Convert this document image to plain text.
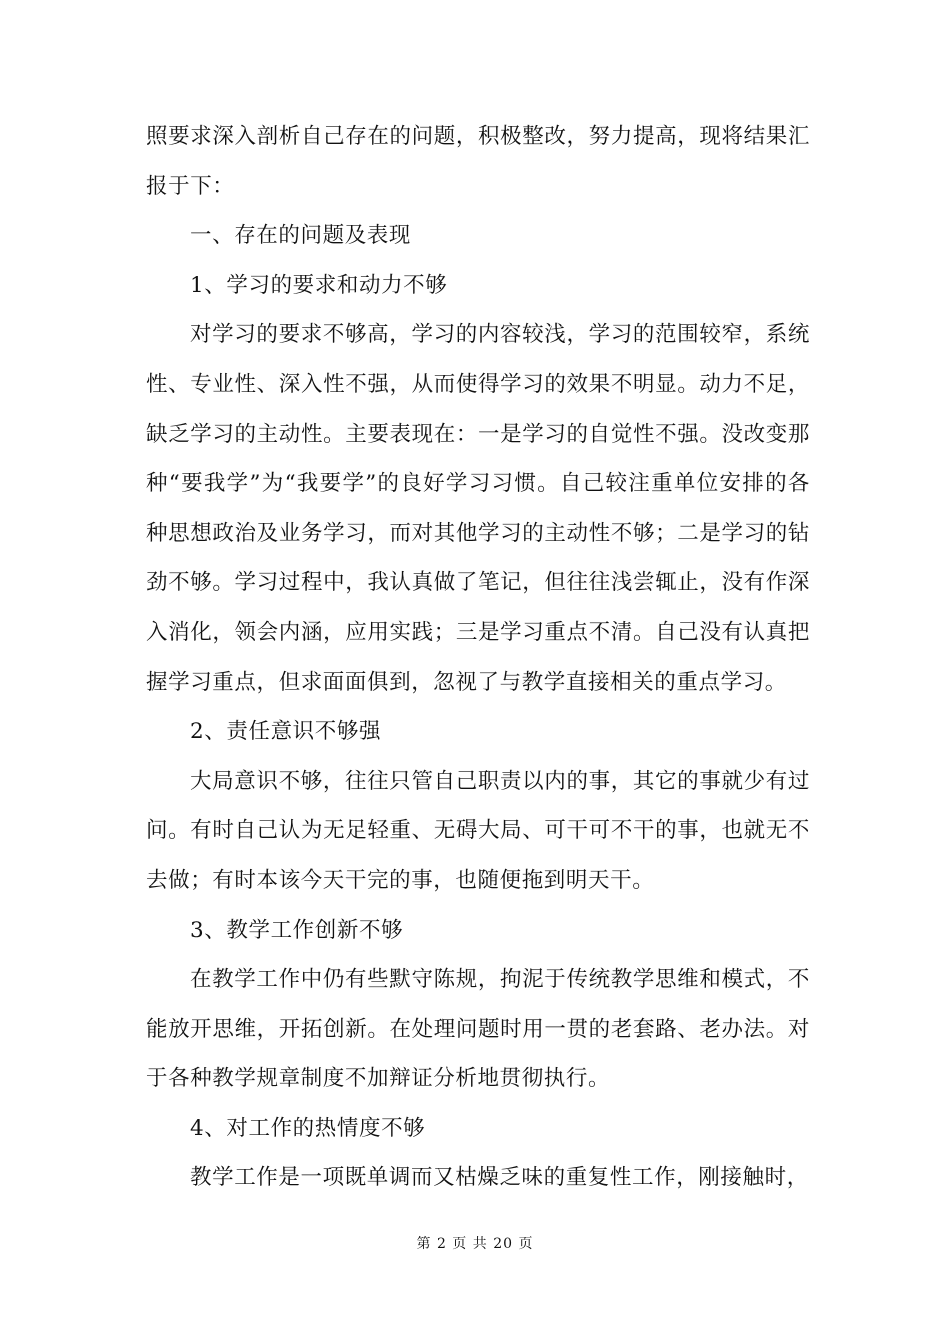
照要求深入剖析自己存在的问题，积极整改，努力提高，现将结果汇报于下：

一、存在的问题及表现

1、学习的要求和动力不够

对学习的要求不够高，学习的内容较浅，学习的范围较窄，系统性、专业性、深入性不强，从而使得学习的效果不明显。动力不足，缺乏学习的主动性。主要表现在：一是学习的自觉性不强。没改变那种“要我学”为“我要学”的良好学习习惯。自己较注重单位安排的各种思想政治及业务学习，而对其他学习的主动性不够；二是学习的钻劲不够。学习过程中，我认真做了笔记，但往往浅尝辄止，没有作深入消化，领会内涵，应用实践；三是学习重点不清。自己没有认真把握学习重点，但求面面俱到，忽视了与教学直接相关的重点学习。

2、责任意识不够强

大局意识不够，往往只管自己职责以内的事，其它的事就少有过问。有时自己认为无足轻重、无碍大局、可干可不干的事，也就无不去做；有时本该今天干完的事，也随便拖到明天干。

3、教学工作创新不够

在教学工作中仍有些默守陈规，拘泥于传统教学思维和模式，不能放开思维，开拓创新。在处理问题时用一贯的老套路、老办法。对于各种教学规章制度不加辩证分析地贯彻执行。

4、对工作的热情度不够

教学工作是一项既单调而又枯燥乏味的重复性工作，刚接触时，

第 2 页 共 20 页
